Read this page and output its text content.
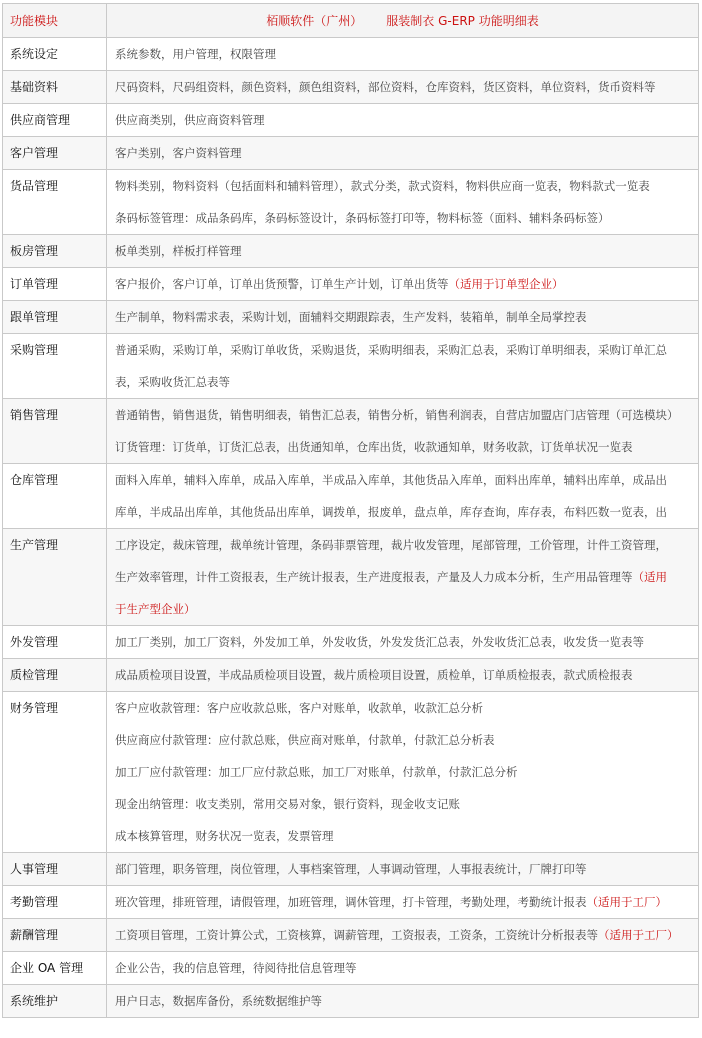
功能模块	栢顺软件（广州） 服装制衣 G-ERP 功能明细表

系统设定	系统参数，用户管理，权限管理

基础资料	尺码资料，尺码组资料，颜色资料，颜色组资料，部位资料，仓库资料，货区资料，单位资料，货币资料等

供应商管理	供应商类别，供应商资料管理

客户管理	客户类别，客户资料管理

货品管理	物料类别，物料资料（包括面料和辅料管理），款式分类，款式资料，物料供应商一览表，物料款式一览表
条码标签管理：成品条码库，条码标签设计，条码标签打印等，物料标签（面料、辅料条码标签）

板房管理	板单类别，样板打样管理

订单管理	客户报价，客户订单，订单出货预警，订单生产计划，订单出货等（适用于订单型企业）

跟单管理	生产制单，物料需求表，采购计划，面辅料交期跟踪表，生产发料，装箱单，制单全局掌控表

采购管理	普通采购，采购订单，采购订单收货，采购退货，采购明细表，采购汇总表，采购订单明细表，采购订单汇总
表，采购收货汇总表等

销售管理	普通销售，销售退货，销售明细表，销售汇总表，销售分析，销售利润表，自营店加盟店门店管理（可选模块）
订货管理：订货单，订货汇总表，出货通知单，仓库出货，收款通知单，财务收款，订货单状况一览表

仓库管理	面料入库单，辅料入库单，成品入库单，半成品入库单，其他货品入库单，面料出库单，辅料出库单，成品出
库单，半成品出库单，其他货品出库单，调拨单，报废单，盘点单，库存查询，库存表，布料匹数一览表，出

生产管理	工序设定，裁床管理，裁单统计管理，条码菲票管理，裁片收发管理，尾部管理，工价管理，计件工资管理，
生产效率管理，计件工资报表，生产统计报表，生产进度报表，产量及人力成本分析，生产用品管理等（适用
于生产型企业）

外发管理	加工厂类别，加工厂资料，外发加工单，外发收货，外发发货汇总表，外发收货汇总表，收发货一览表等

质检管理	成品质检项目设置，半成品质检项目设置，裁片质检项目设置，质检单，订单质检报表，款式质检报表

财务管理	客户应收款管理：客户应收款总账，客户对账单，收款单，收款汇总分析
供应商应付款管理：应付款总账，供应商对账单，付款单，付款汇总分析表
加工厂应付款管理：加工厂应付款总账，加工厂对账单，付款单，付款汇总分析
现金出纳管理：收支类别，常用交易对象，银行资料，现金收支记账
成本核算管理，财务状况一览表，发票管理

人事管理	部门管理，职务管理，岗位管理，人事档案管理，人事调动管理，人事报表统计，厂牌打印等

考勤管理	班次管理，排班管理，请假管理，加班管理，调休管理，打卡管理，考勤处理，考勤统计报表（适用于工厂）

薪酬管理	工资项目管理，工资计算公式，工资核算，调薪管理，工资报表，工资条，工资统计分析报表等（适用于工厂）

企业 OA 管理	企业公告，我的信息管理，待阅待批信息管理等

系统维护	用户日志，数据库备份，系统数据维护等
